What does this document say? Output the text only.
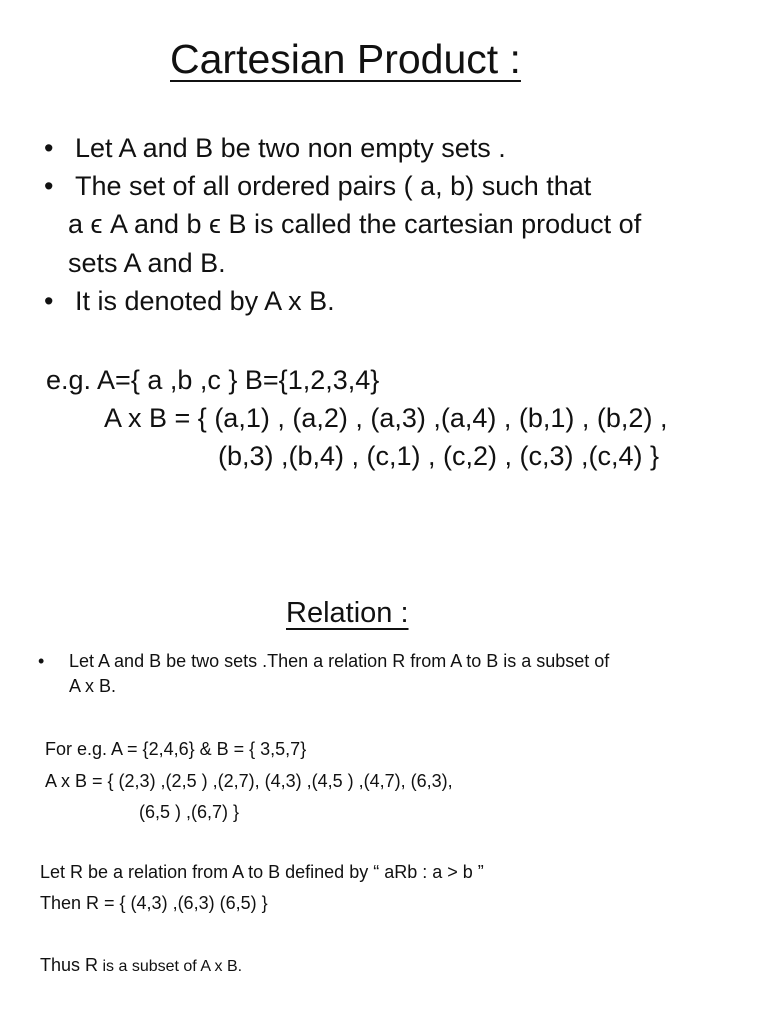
Cartesian Product :
• Let A and B be two non empty sets .
• The set of all ordered pairs ( a, b) such that
a ϵ A and b ϵ B is called the cartesian product of
sets A and B.
• It is denoted by A x B.
e.g. A={ a ,b ,c } B={1,2,3,4}
A x B = { (a,1) , (a,2) , (a,3) ,(a,4) , (b,1) , (b,2) ,
(b,3) ,(b,4) , (c,1) , (c,2) , (c,3) ,(c,4) }
Relation :
• Let A and B be two sets .Then a relation R from A to B is a subset of
A x B.
For e.g. A = {2,4,6} & B = { 3,5,7}
A x B = { (2,3) ,(2,5 ) ,(2,7), (4,3) ,(4,5 ) ,(4,7), (6,3),
(6,5 ) ,(6,7) }
Let R be a relation from A to B defined by “ aRb : a > b ”
Then R = { (4,3) ,(6,3) (6,5) }
Thus R is a subset of A x B.
